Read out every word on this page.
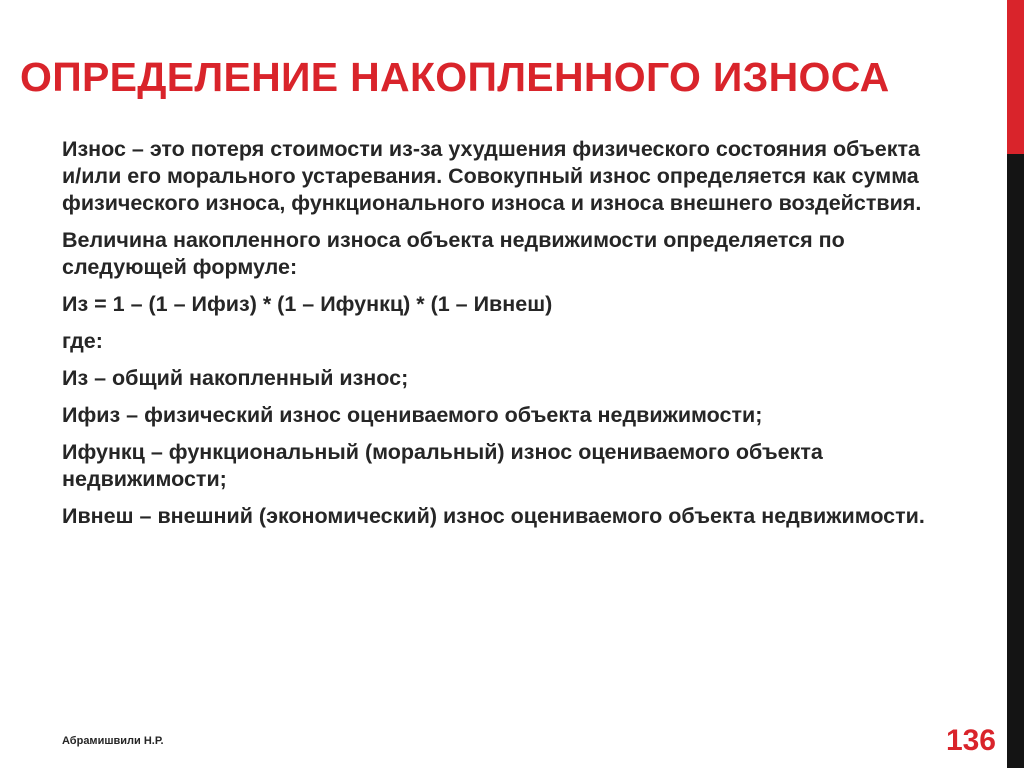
ОПРЕДЕЛЕНИЕ НАКОПЛЕННОГО ИЗНОСА

Износ – это потеря стоимости из-за ухудшения физического состояния объекта и/или его морального устаревания. Совокупный износ определяется как сумма физического износа, функционального износа и износа внешнего воздействия.

Величина накопленного износа объекта недвижимости определяется по следующей формуле:

Из = 1 – (1 – Ифиз) * (1 – Ифункц) * (1 – Ивнеш)

где:

Из – общий накопленный износ;

Ифиз – физический износ оцениваемого объекта недвижимости;

Ифункц – функциональный (моральный) износ оцениваемого объекта недвижимости;

Ивнеш – внешний (экономический) износ оцениваемого объекта недвижимости.

Абрамишвили Н.Р.	136
